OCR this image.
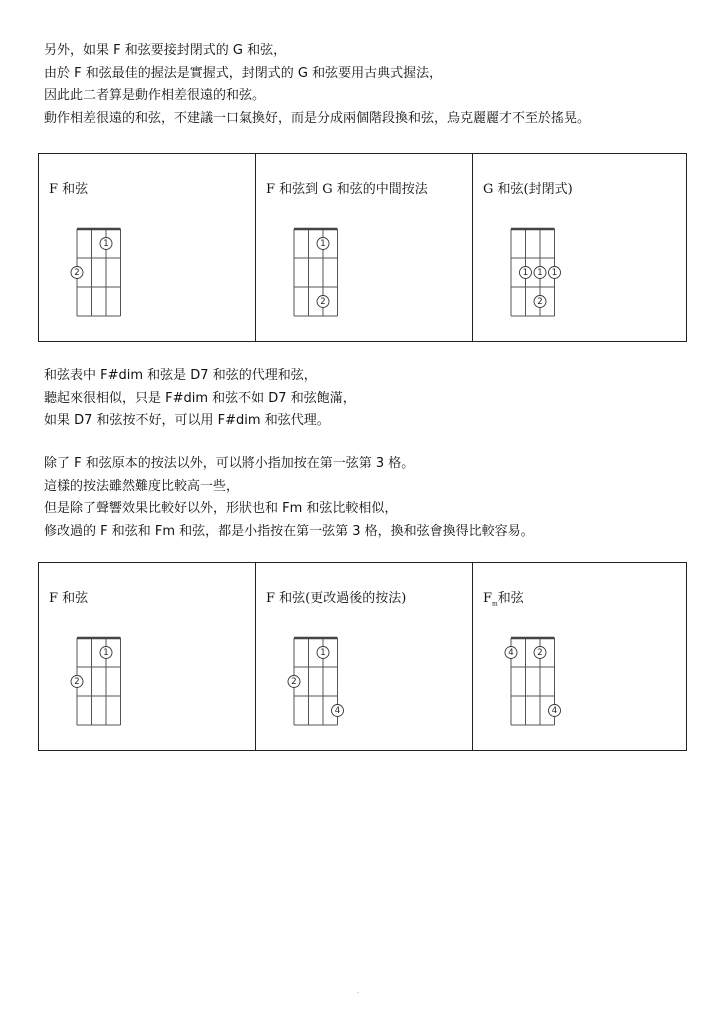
另外，如果 F 和弦要接封閉式的 G 和弦，
由於 F 和弦最佳的握法是實握式，封閉式的 G 和弦要用古典式握法，
因此此二者算是動作相差很遠的和弦。
動作相差很遠的和弦，不建議一口氣換好，而是分成兩個階段換和弦，烏克麗麗才不至於搖晃。
F 和弦
1
2
F 和弦到 G 和弦的中間按法
1
2
G 和弦(封閉式)
1 1 1
2
和弦表中 F#dim 和弦是 D7 和弦的代理和弦，
聽起來很相似，只是 F#dim 和弦不如 D7 和弦飽滿，
如果 D7 和弦按不好，可以用 F#dim 和弦代理。
除了 F 和弦原本的按法以外，可以將小指加按在第一弦第 3 格。
這樣的按法雖然難度比較高一些，
但是除了聲響效果比較好以外，形狀也和 Fm 和弦比較相似，
修改過的 F 和弦和 Fm 和弦，都是小指按在第一弦第 3 格，換和弦會換得比較容易。
F 和弦
1
2
F 和弦(更改過後的按法)
1
2
4
$F_m$和弦
4	2
4
.
